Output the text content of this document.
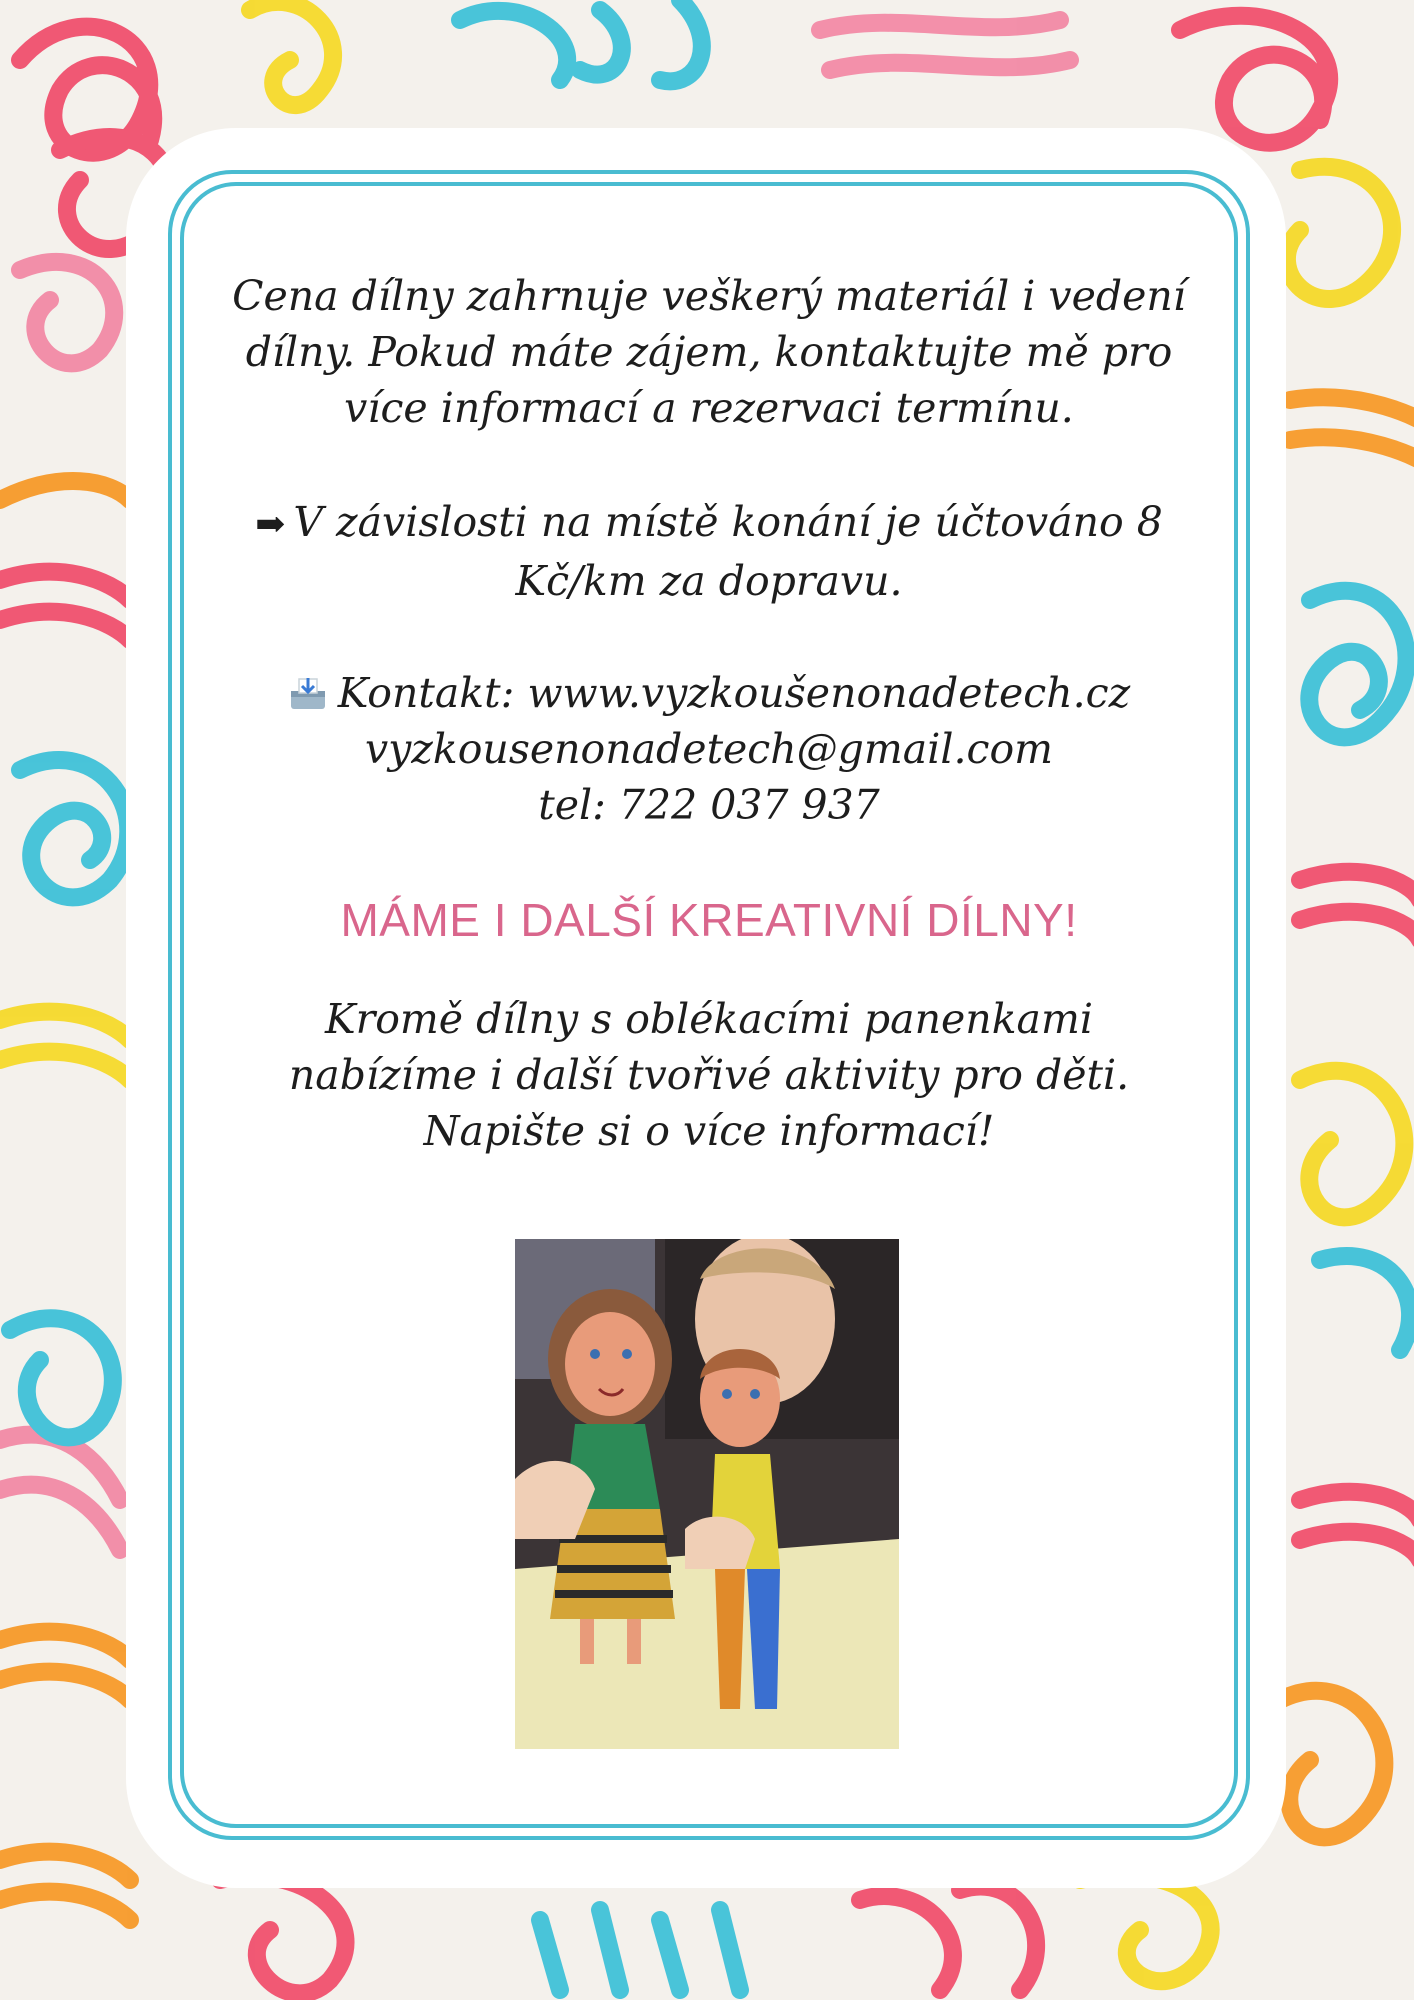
Cena dílny zahrnuje veškerý materiál i vedení
dílny. Pokud máte zájem, kontaktujte mě pro
více informací a rezervaci termínu.
➡ V závislosti na místě konání je účtováno 8
Kč/km za dopravu.
Kontakt: www.vyzkoušenonadetech.cz
vyzkousenonadetech@gmail.com
tel: 722 037 937
MÁME I DALŠÍ KREATIVNÍ DÍLNY!
Kromě dílny s oblékacími panenkami
nabízíme i další tvořivé aktivity pro děti.
Napište si o více informací!
